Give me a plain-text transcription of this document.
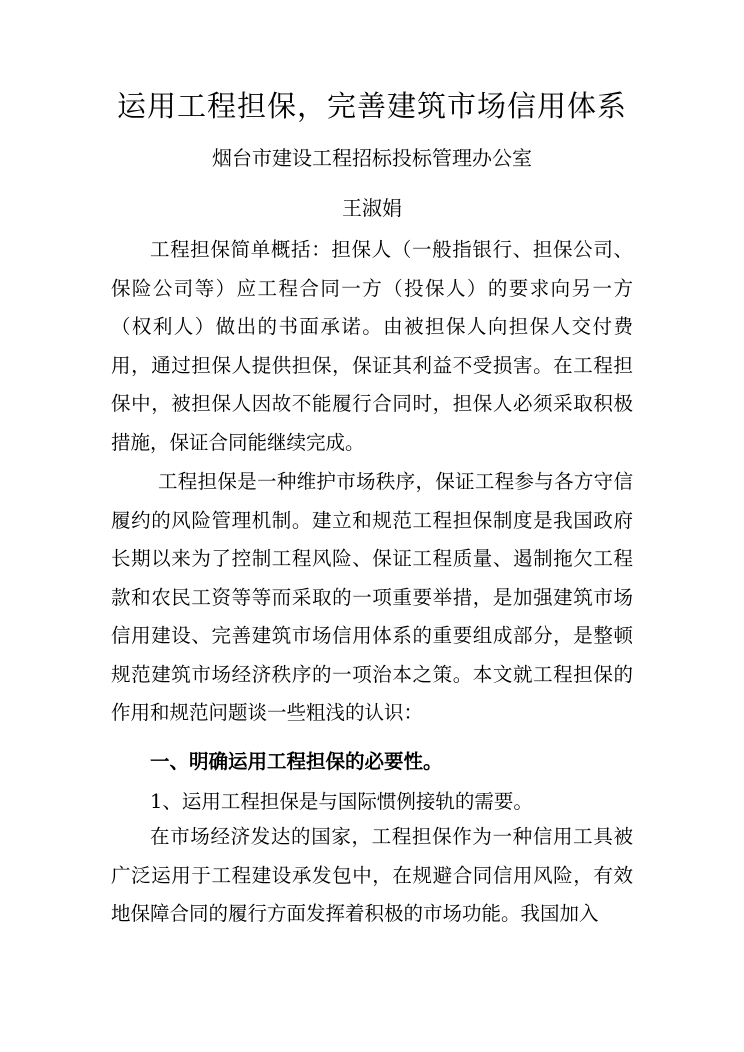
运用工程担保，完善建筑市场信用体系
烟台市建设工程招标投标管理办公室
王淑娟
工程担保简单概括：担保人（一般指银行、担保公司、保险公司等）应工程合同一方（投保人）的要求向另一方（权利人）做出的书面承诺。由被担保人向担保人交付费用，通过担保人提供担保，保证其利益不受损害。在工程担保中，被担保人因故不能履行合同时，担保人必须采取积极措施，保证合同能继续完成。
工程担保是一种维护市场秩序，保证工程参与各方守信履约的风险管理机制。建立和规范工程担保制度是我国政府长期以来为了控制工程风险、保证工程质量、遏制拖欠工程款和农民工资等等而采取的一项重要举措，是加强建筑市场信用建设、完善建筑市场信用体系的重要组成部分，是整顿规范建筑市场经济秩序的一项治本之策。本文就工程担保的作用和规范问题谈一些粗浅的认识：
一、明确运用工程担保的必要性。
1、运用工程担保是与国际惯例接轨的需要。
在市场经济发达的国家，工程担保作为一种信用工具被广泛运用于工程建设承发包中，在规避合同信用风险，有效地保障合同的履行方面发挥着积极的市场功能。我国加入
